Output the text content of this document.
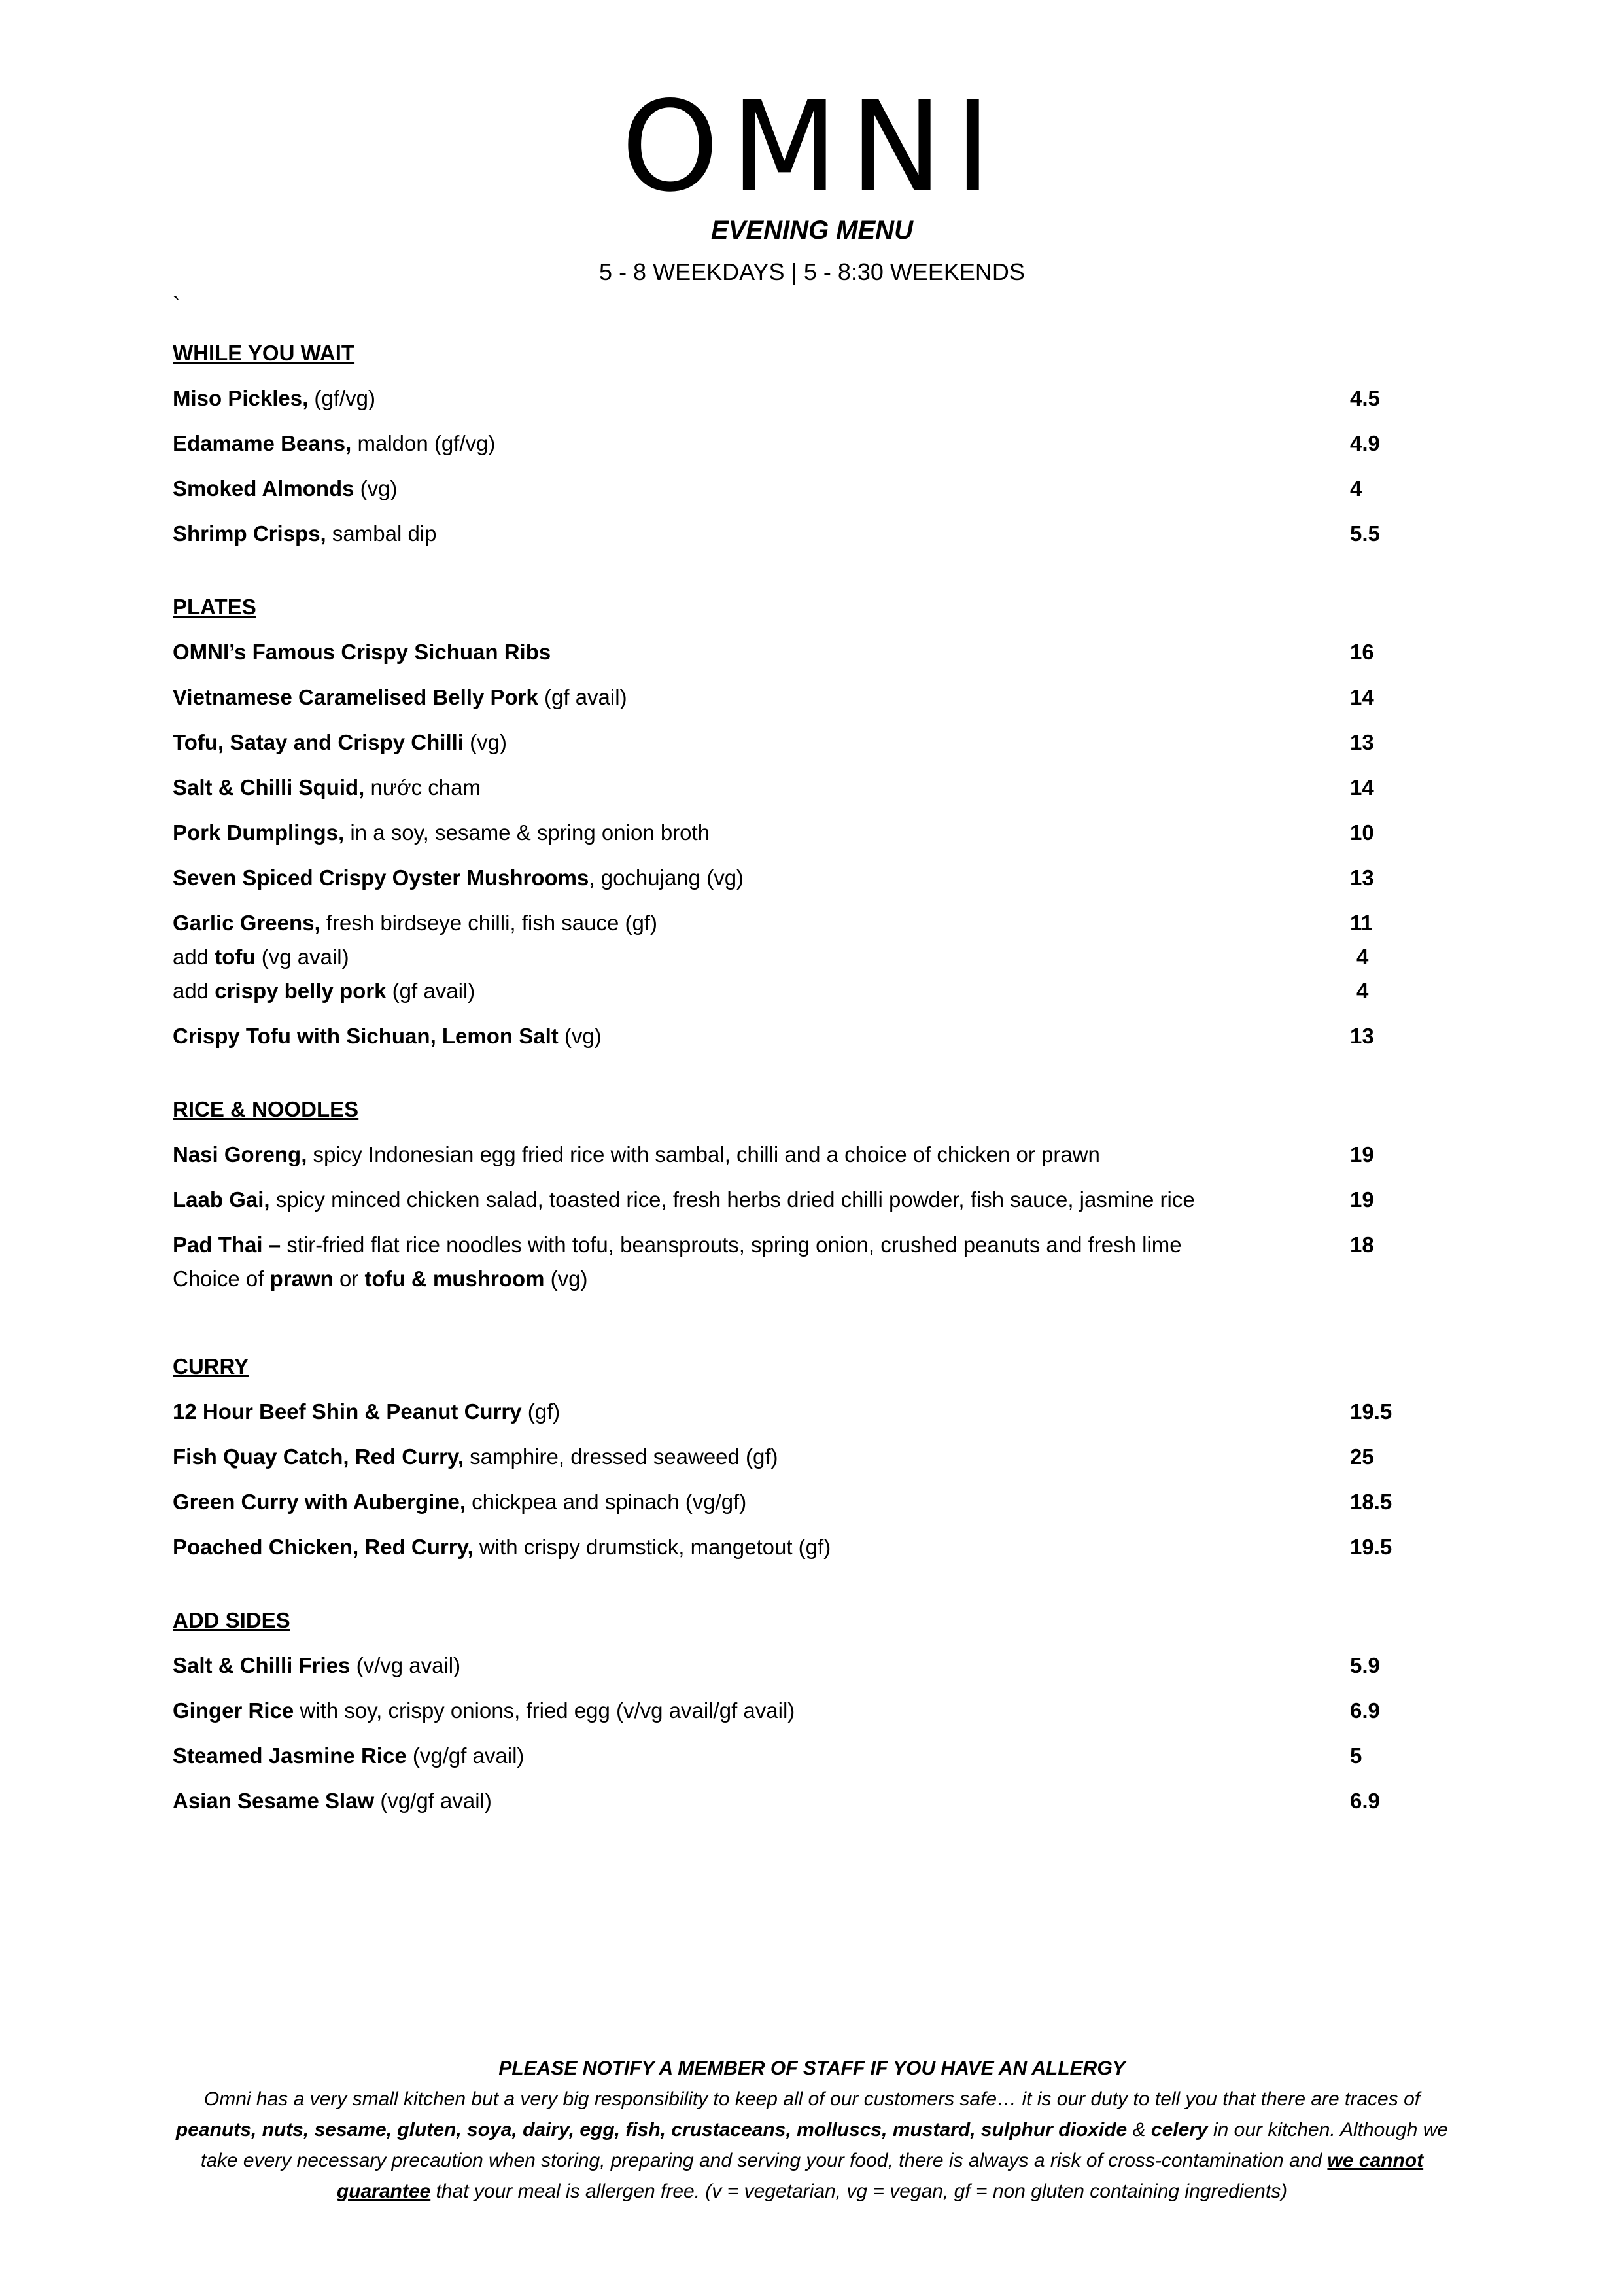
OMNI
EVENING MENU
5 - 8 WEEKDAYS | 5 - 8:30 WEEKENDS
`
WHILE YOU WAIT
Miso Pickles, (gf/vg)	4.5
Edamame Beans, maldon (gf/vg)	4.9
Smoked Almonds (vg)	4
Shrimp Crisps, sambal dip	5.5
PLATES
OMNI’s Famous Crispy Sichuan Ribs	16
Vietnamese Caramelised Belly Pork (gf avail)	14
Tofu, Satay and Crispy Chilli (vg)	13
Salt & Chilli Squid, nước cham	14
Pork Dumplings, in a soy, sesame & spring onion broth	10
Seven Spiced Crispy Oyster Mushrooms, gochujang (vg)	13
Garlic Greens, fresh birdseye chilli, fish sauce (gf)	11
add tofu (vg avail)	4
add crispy belly pork (gf avail)	4
Crispy Tofu with Sichuan, Lemon Salt (vg)	13
RICE & NOODLES
Nasi Goreng, spicy Indonesian egg fried rice with sambal, chilli and a choice of chicken or prawn	19
Laab Gai, spicy minced chicken salad, toasted rice, fresh herbs dried chilli powder, fish sauce, jasmine rice	19
Pad Thai – stir-fried flat rice noodles with tofu, beansprouts, spring onion, crushed peanuts and fresh lime	18
Choice of prawn or tofu & mushroom (vg)
CURRY
12 Hour Beef Shin & Peanut Curry (gf)	19.5
Fish Quay Catch, Red Curry, samphire, dressed seaweed (gf)	25
Green Curry with Aubergine, chickpea and spinach (vg/gf)	18.5
Poached Chicken, Red Curry, with crispy drumstick, mangetout (gf)	19.5
ADD SIDES
Salt & Chilli Fries (v/vg avail)	5.9
Ginger Rice with soy, crispy onions, fried egg (v/vg avail/gf avail)	6.9
Steamed Jasmine Rice (vg/gf avail)	5
Asian Sesame Slaw (vg/gf avail)	6.9
PLEASE NOTIFY A MEMBER OF STAFF IF YOU HAVE AN ALLERGY
Omni has a very small kitchen but a very big responsibility to keep all of our customers safe… it is our duty to tell you that there are traces of peanuts, nuts, sesame, gluten, soya, dairy, egg, fish, crustaceans, molluscs, mustard, sulphur dioxide & celery in our kitchen. Although we take every necessary precaution when storing, preparing and serving your food, there is always a risk of cross-contamination and we cannot guarantee that your meal is allergen free. (v = vegetarian, vg = vegan, gf = non gluten containing ingredients)
